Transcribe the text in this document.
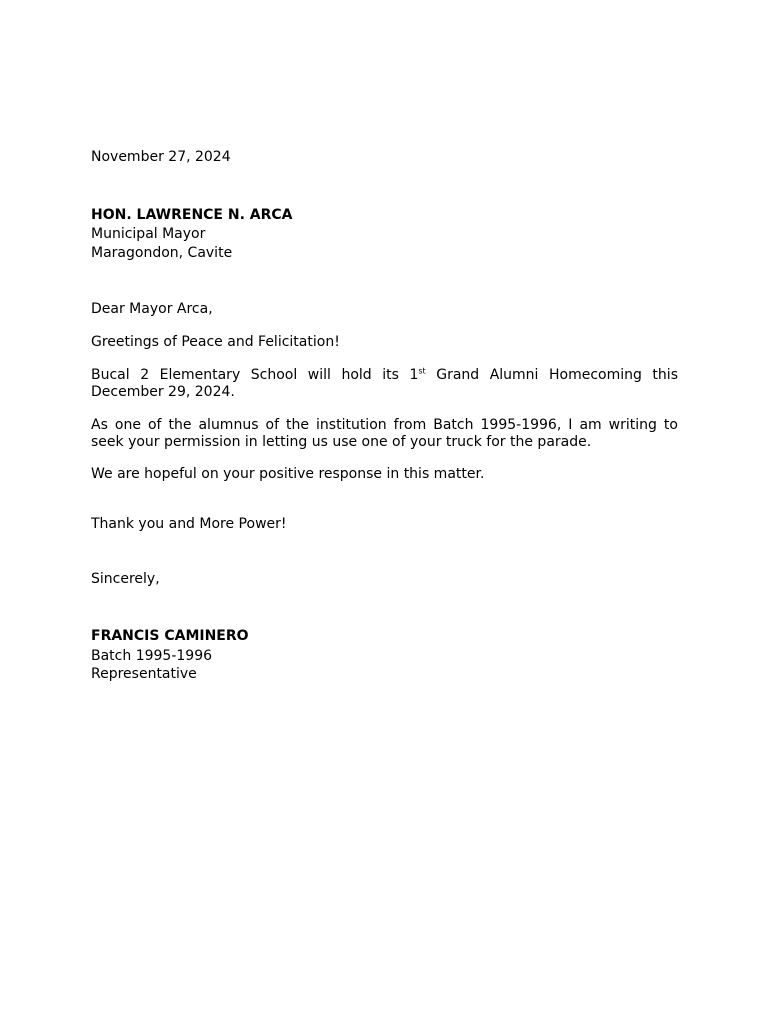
November 27, 2024

HON. LAWRENCE N. ARCA
Municipal Mayor
Maragondon, Cavite

Dear Mayor Arca,

Greetings of Peace and Felicitation!

Bucal 2 Elementary School will hold its 1st Grand Alumni Homecoming this December 29, 2024.

As one of the alumnus of the institution from Batch 1995-1996, I am writing to seek your permission in letting us use one of your truck for the parade.

We are hopeful on your positive response in this matter.

Thank you and More Power!

Sincerely,

FRANCIS CAMINERO
Batch 1995-1996
Representative
